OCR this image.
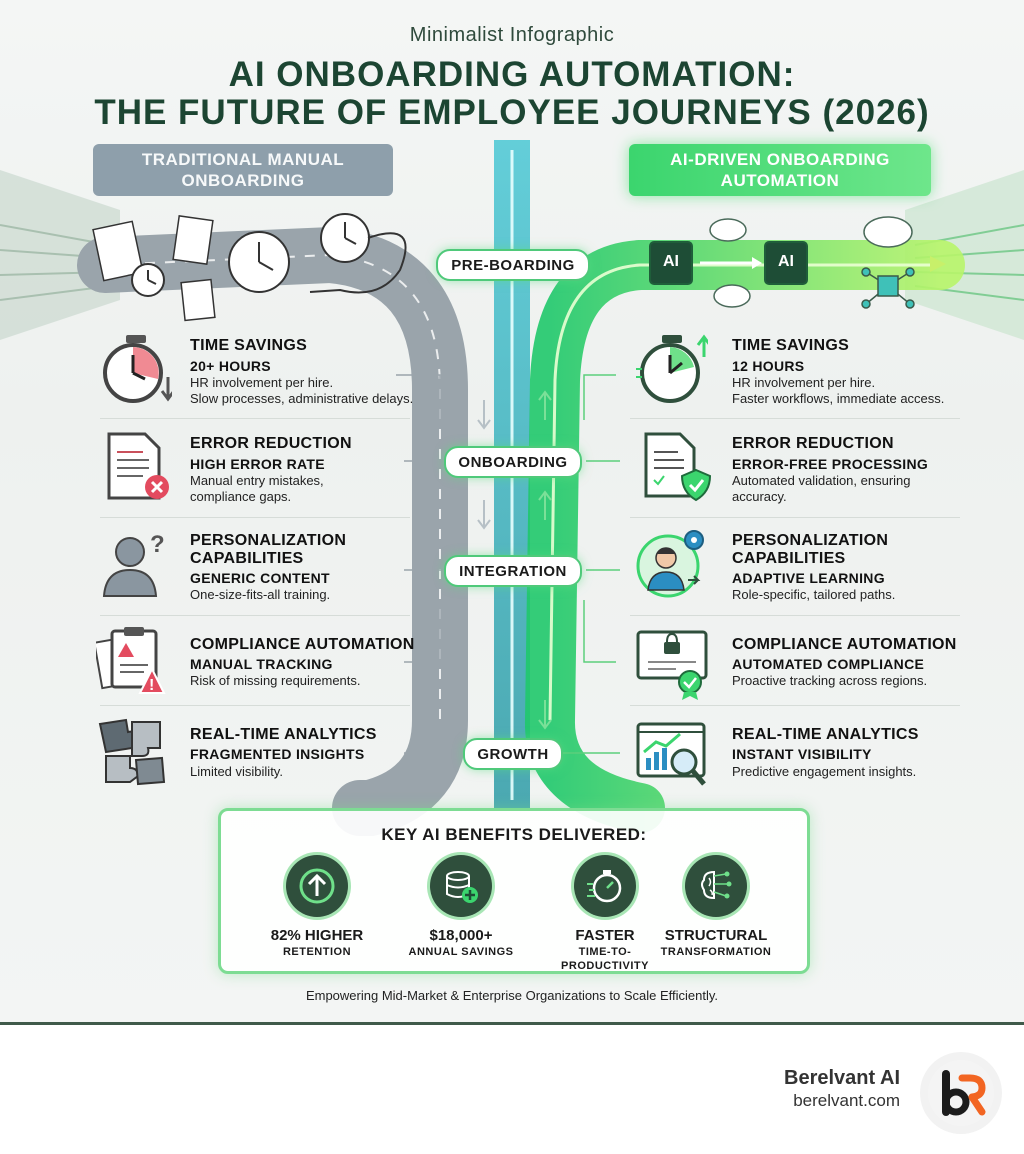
Minimalist Infographic
AI ONBOARDING AUTOMATION:
THE FUTURE OF EMPLOYEE JOURNEYS (2026)
TRADITIONAL MANUAL
ONBOARDING
AI-DRIVEN ONBOARDING
AUTOMATION
AI	AI
PRE-BOARDING
ONBOARDING
INTEGRATION
GROWTH
TIME SAVINGS
20+ HOURS
HR involvement per hire.
Slow processes, administrative delays.
ERROR REDUCTION
HIGH ERROR RATE
Manual entry mistakes,
compliance gaps.
? PERSONALIZATION
CAPABILITIES
GENERIC CONTENT
One-size-fits-all training.
!
COMPLIANCE AUTOMATION
MANUAL TRACKING
Risk of missing requirements.
REAL-TIME ANALYTICS
FRAGMENTED INSIGHTS
Limited visibility.
TIME SAVINGS
12 HOURS
HR involvement per hire.
Faster workflows, immediate access.
ERROR REDUCTION
ERROR-FREE PROCESSING
Automated validation, ensuring
accuracy.
PERSONALIZATION
CAPABILITIES
ADAPTIVE LEARNING
Role-specific, tailored paths.
COMPLIANCE AUTOMATION
AUTOMATED COMPLIANCE
Proactive tracking across regions.
REAL-TIME ANALYTICS
INSTANT VISIBILITY
Predictive engagement insights.
KEY AI BENEFITS DELIVERED:
82% HIGHER
RETENTION
$18,000+
ANNUAL SAVINGS
FASTER
TIME-TO-PRODUCTIVITY
STRUCTURAL
TRANSFORMATION
Empowering Mid-Market & Enterprise Organizations to Scale Efficiently.
Berelvant AI
berelvant.com
